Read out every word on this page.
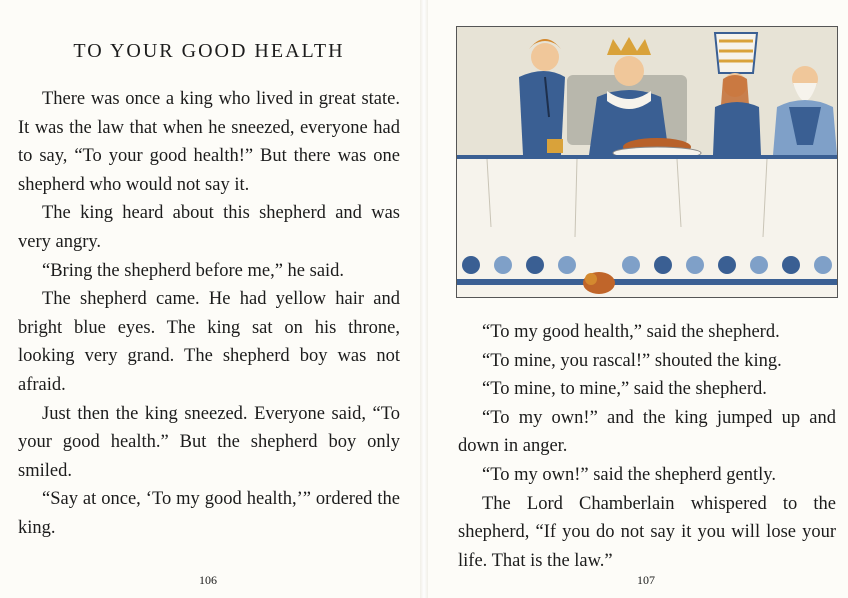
TO YOUR GOOD HEALTH

There was once a king who lived in great state. It was the law that when he sneezed, everyone had to say, “To your good health!” But there was one shepherd who would not say it.

The king heard about this shepherd and was very angry.

“Bring the shepherd before me,” he said.

The shepherd came. He had yellow hair and bright blue eyes. The king sat on his throne, looking very grand. The shepherd boy was not afraid.

Just then the king sneezed. Everyone said, “To your good health.” But the shepherd boy only smiled.

“Say at once, ‘To my good health,’” ordered the king.

106

“To my good health,” said the shepherd.

“To mine, you rascal!” shouted the king.

“To mine, to mine,” said the shepherd.

“To my own!” and the king jumped up and down in anger.

“To my own!” said the shepherd gently.

The Lord Chamberlain whispered to the shepherd, “If you do not say it you will lose your life. That is the law.”

107
